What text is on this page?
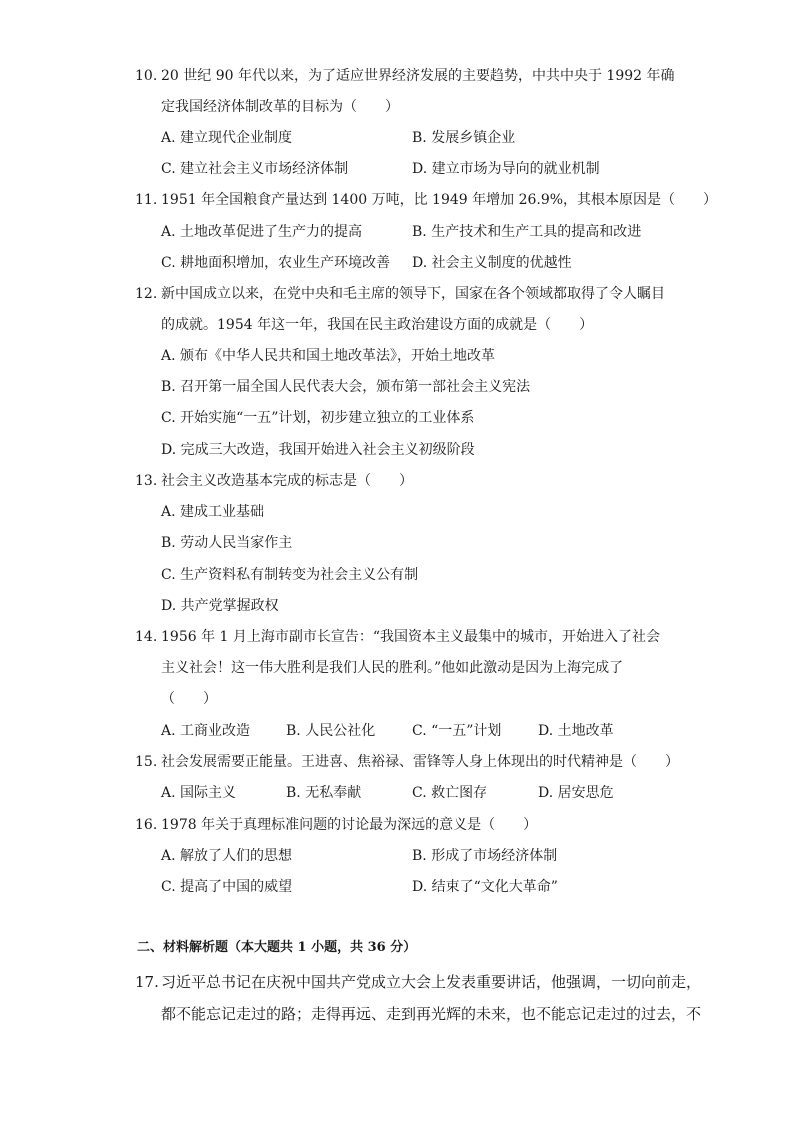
10. 20 世纪 90 年代以来，为了适应世界经济发展的主要趋势，中共中央于 1992 年确
定我国经济体制改革的目标为（　　）
A. 建立现代企业制度	B. 发展乡镇企业
C. 建立社会主义市场经济体制	D. 建立市场为导向的就业机制
11. 1951 年全国粮食产量达到 1400 万吨，比 1949 年增加 26.9%，其根本原因是（　　）
A. 土地改革促进了生产力的提高	B. 生产技术和生产工具的提高和改进
C. 耕地面积增加，农业生产环境改善 D. 社会主义制度的优越性
12. 新中国成立以来，在党中央和毛主席的领导下，国家在各个领域都取得了令人瞩目
的成就。1954 年这一年，我国在民主政治建设方面的成就是（　　）
A. 颁布《中华人民共和国土地改革法》，开始土地改革
B. 召开第一届全国人民代表大会，颁布第一部社会主义宪法
C. 开始实施“一五”计划，初步建立独立的工业体系
D. 完成三大改造，我国开始进入社会主义初级阶段
13. 社会主义改造基本完成的标志是（　　）
A. 建成工业基础
B. 劳动人民当家作主
C. 生产资料私有制转变为社会主义公有制
D. 共产党掌握政权
14. 1956 年 1 月上海市副市长宣告：“我国资本主义最集中的城市，开始进入了社会
主义社会！这一伟大胜利是我们人民的胜利。”他如此激动是因为上海完成了
（　　）
A. 工商业改造	B. 人民公社化	C. “一五”计划	D. 土地改革
15. 社会发展需要正能量。王进喜、焦裕禄、雷锋等人身上体现出的时代精神是（　　）
A. 国际主义	B. 无私奉献	C. 救亡图存	D. 居安思危
16. 1978 年关于真理标准问题的讨论最为深远的意义是（　　）
A. 解放了人们的思想	B. 形成了市场经济体制
C. 提高了中国的威望	D. 结束了“文化大革命”
二、材料解析题（本大题共 1 小题，共 36 分）
17. 习近平总书记在庆祝中国共产党成立大会上发表重要讲话，他强调，一切向前走，
都不能忘记走过的路；走得再远、走到再光辉的未来，也不能忘记走过的过去，不
